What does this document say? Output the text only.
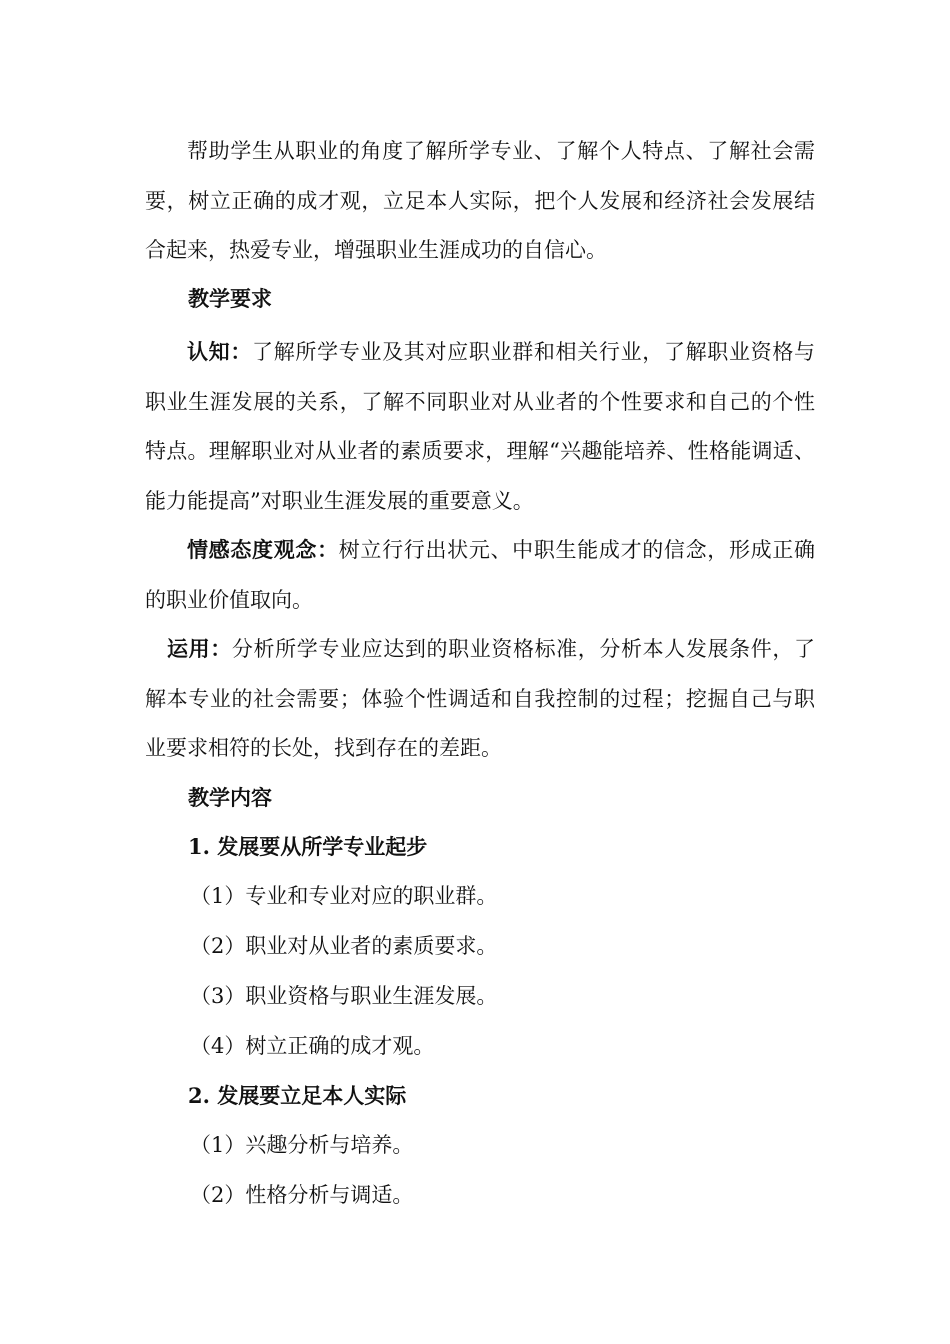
帮助学生从职业的角度了解所学专业、了解个人特点、了解社会需要，树立正确的成才观，立足本人实际，把个人发展和经济社会发展结合起来，热爱专业，增强职业生涯成功的自信心。

教学要求

认知：了解所学专业及其对应职业群和相关行业，了解职业资格与职业生涯发展的关系，了解不同职业对从业者的个性要求和自己的个性特点。理解职业对从业者的素质要求，理解“兴趣能培养、性格能调适、能力能提高”对职业生涯发展的重要意义。

情感态度观念：树立行行出状元、中职生能成才的信念，形成正确的职业价值取向。

运用：分析所学专业应达到的职业资格标准，分析本人发展条件，了解本专业的社会需要；体验个性调适和自我控制的过程；挖掘自己与职业要求相符的长处，找到存在的差距。

教学内容

1. 发展要从所学专业起步

（1）专业和专业对应的职业群。

（2）职业对从业者的素质要求。

（3）职业资格与职业生涯发展。

（4）树立正确的成才观。

2. 发展要立足本人实际

（1）兴趣分析与培养。

（2）性格分析与调适。
